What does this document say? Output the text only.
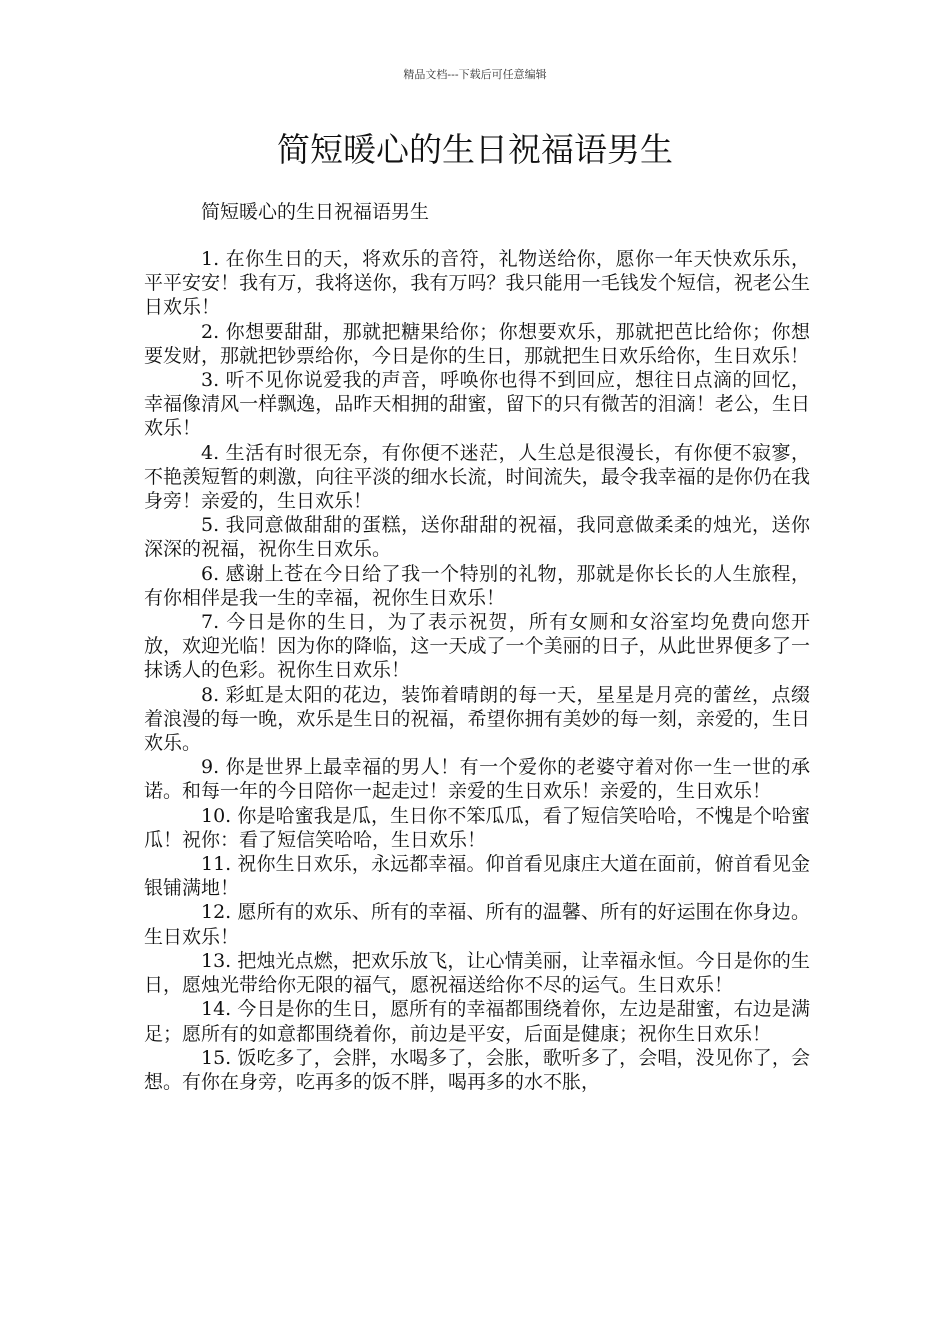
精品文档---下载后可任意编辑
简短暖心的生日祝福语男生
简短暖心的生日祝福语男生

1. 在你生日的天，将欢乐的音符，礼物送给你，愿你一年天快欢乐乐，平平安安！我有万，我将送你，我有万吗？我只能用一毛钱发个短信，祝老公生日欢乐！

2. 你想要甜甜，那就把糖果给你；你想要欢乐，那就把芭比给你；你想要发财，那就把钞票给你，今日是你的生日，那就把生日欢乐给你，生日欢乐！

3. 听不见你说爱我的声音，呼唤你也得不到回应，想往日点滴的回忆，幸福像清风一样飘逸，品昨天相拥的甜蜜，留下的只有微苦的泪滴！老公，生日欢乐！

4. 生活有时很无奈，有你便不迷茫，人生总是很漫长，有你便不寂寥，不艳羡短暂的刺激，向往平淡的细水长流，时间流失，最令我幸福的是你仍在我身旁！亲爱的，生日欢乐！

5. 我同意做甜甜的蛋糕，送你甜甜的祝福，我同意做柔柔的烛光，送你深深的祝福，祝你生日欢乐。

6. 感谢上苍在今日给了我一个特别的礼物，那就是你长长的人生旅程，有你相伴是我一生的幸福，祝你生日欢乐！

7. 今日是你的生日，为了表示祝贺，所有女厕和女浴室均免费向您开放，欢迎光临！因为你的降临，这一天成了一个美丽的日子，从此世界便多了一抹诱人的色彩。祝你生日欢乐！

8. 彩虹是太阳的花边，装饰着晴朗的每一天，星星是月亮的蕾丝，点缀着浪漫的每一晚，欢乐是生日的祝福，希望你拥有美妙的每一刻，亲爱的，生日欢乐。

9. 你是世界上最幸福的男人！有一个爱你的老婆守着对你一生一世的承诺。和每一年的今日陪你一起走过！亲爱的生日欢乐！亲爱的，生日欢乐！

10. 你是哈蜜我是瓜，生日你不笨瓜瓜，看了短信笑哈哈，不愧是个哈蜜瓜！祝你：看了短信笑哈哈，生日欢乐！

11. 祝你生日欢乐，永远都幸福。仰首看见康庄大道在面前，俯首看见金银铺满地！

12. 愿所有的欢乐、所有的幸福、所有的温馨、所有的好运围在你身边。生日欢乐！

13. 把烛光点燃，把欢乐放飞，让心情美丽，让幸福永恒。今日是你的生日，愿烛光带给你无限的福气，愿祝福送给你不尽的运气。生日欢乐！

14. 今日是你的生日，愿所有的幸福都围绕着你，左边是甜蜜，右边是满足；愿所有的如意都围绕着你，前边是平安，后面是健康；祝你生日欢乐！

15. 饭吃多了，会胖，水喝多了，会胀，歌听多了，会唱，没见你了，会想。有你在身旁，吃再多的饭不胖，喝再多的水不胀，
